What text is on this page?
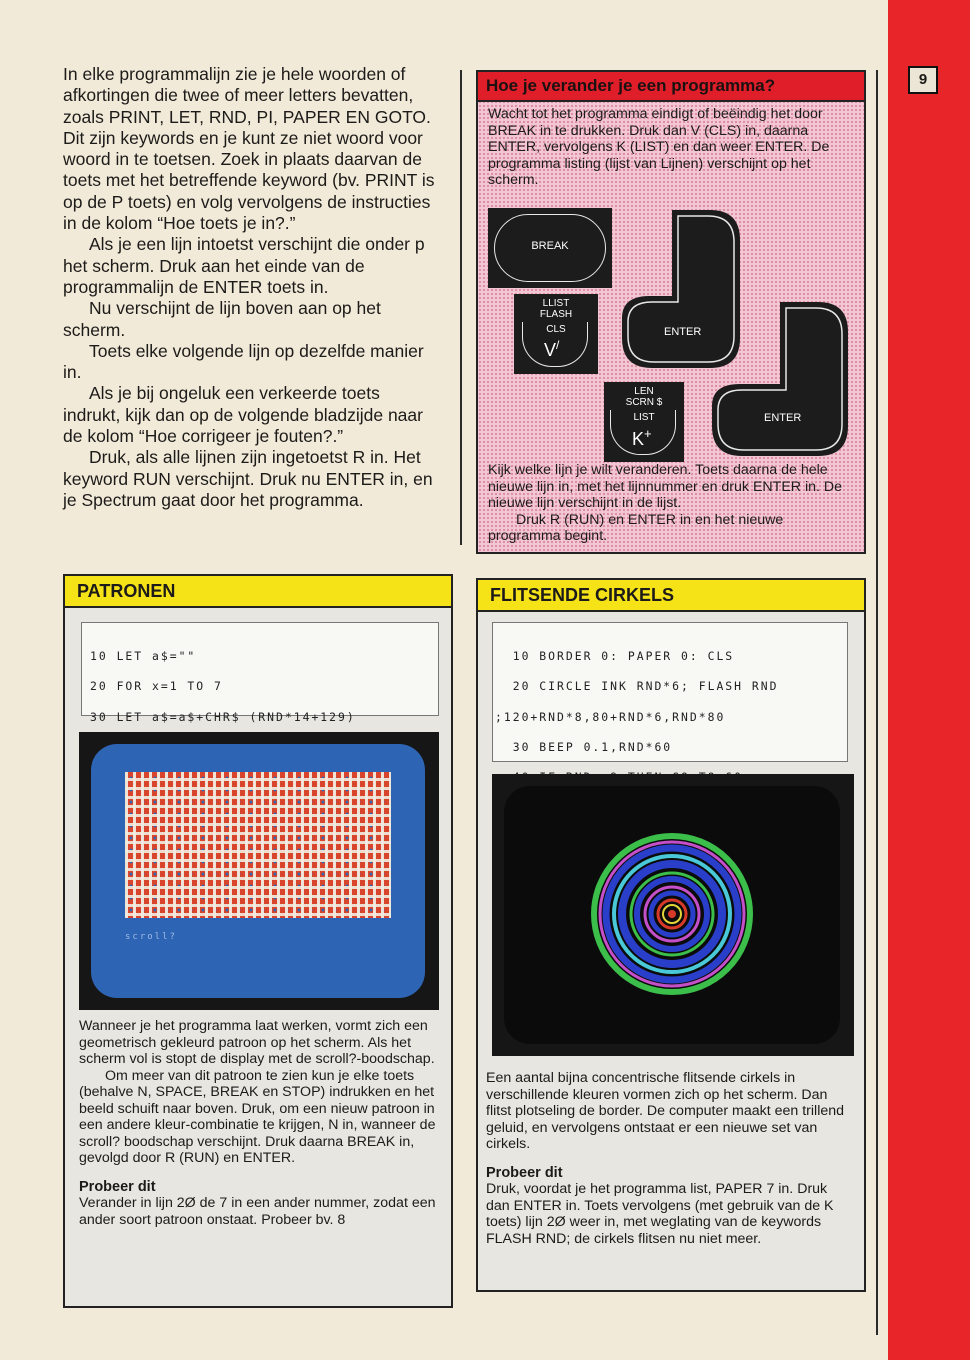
9

In elke programmalijn zie je hele woorden of afkortingen die twee of meer letters bevatten, zoals PRINT, LET, RND, PI, PAPER EN GOTO. Dit zijn keywords en je kunt ze niet woord voor woord in te toetsen. Zoek in plaats daarvan de toets met het betreffende keyword (bv. PRINT is op de P toets) en volg vervolgens de instructies in de kolom “Hoe toets je in?.”

Als je een lijn intoetst verschijnt die onder p het scherm. Druk aan het einde van de programmalijn de ENTER toets in.

Nu verschijnt de lijn boven aan op het scherm.

Toets elke volgende lijn op dezelfde manier in.

Als je bij ongeluk een verkeerde toets indrukt, kijk dan op de volgende bladzijde naar de kolom “Hoe corrigeer je fouten?.”

Druk, als alle lijnen zijn ingetoetst R in. Het keyword RUN verschijnt. Druk nu ENTER in, en je Spectrum gaat door het programma.

Hoe je verander je een programma?

Wacht tot het programma eindigt of beëindig het door BREAK in te drukken. Druk dan V (CLS) in, daarna ENTER, vervolgens K (LIST) en dan weer ENTER. De programma listing (lijst van Lijnen) verschijnt op het scherm.

BREAK
LLIST
FLASH
CLS
V/
ENTER
LEN
SCRN $
LIST
K+
ENTER

Kijk welke lijn je wilt veranderen. Toets daarna de hele nieuwe lijn in, met het lijnnummer en druk ENTER in. De nieuwe lijn verschijnt in de lijst.

Druk R (RUN) en ENTER in en het nieuwe programma begint.

PATRONEN

10 LET a$=""

20 FOR x=1 TO 7

30 LET a$=a$+CHR$ (RND*14+129)

scroll?

Wanneer je het programma laat werken, vormt zich een geometrisch gekleurd patroon op het scherm. Als het scherm vol is stopt de display met de scroll?-boodschap.

Om meer van dit patroon te zien kun je elke toets (behalve N, SPACE, BREAK en STOP) indrukken en het beeld schuift naar boven. Druk, om een nieuw patroon in een andere kleur-combinatie te krijgen, N in, wanneer de scroll? boodschap verschijnt. Druk daarna BREAK in, gevolgd door R (RUN) en ENTER.

Probeer dit

Verander in lijn 2Ø de 7 in een ander nummer, zodat een ander soort patroon onstaat. Probeer bv. 8

FLITSENDE CIRKELS

10 BORDER 0: PAPER 0: CLS

20 CIRCLE INK RND*6; FLASH RND

;120+RND*8,80+RND*6,RND*80

30 BEEP 0.1,RND*60

Een aantal bijna concentrische flitsende cirkels in verschillende kleuren vormen zich op het scherm. Dan flitst plotseling de border. De computer maakt een trillend geluid, en vervolgens ontstaat er een nieuwe set van cirkels.

Probeer dit

Druk, voordat je het programma list, PAPER 7 in. Druk dan ENTER in. Toets vervolgens (met gebruik van de K toets) lijn 2Ø weer in, met weglating van de keywords FLASH RND; de cirkels flitsen nu niet meer.
